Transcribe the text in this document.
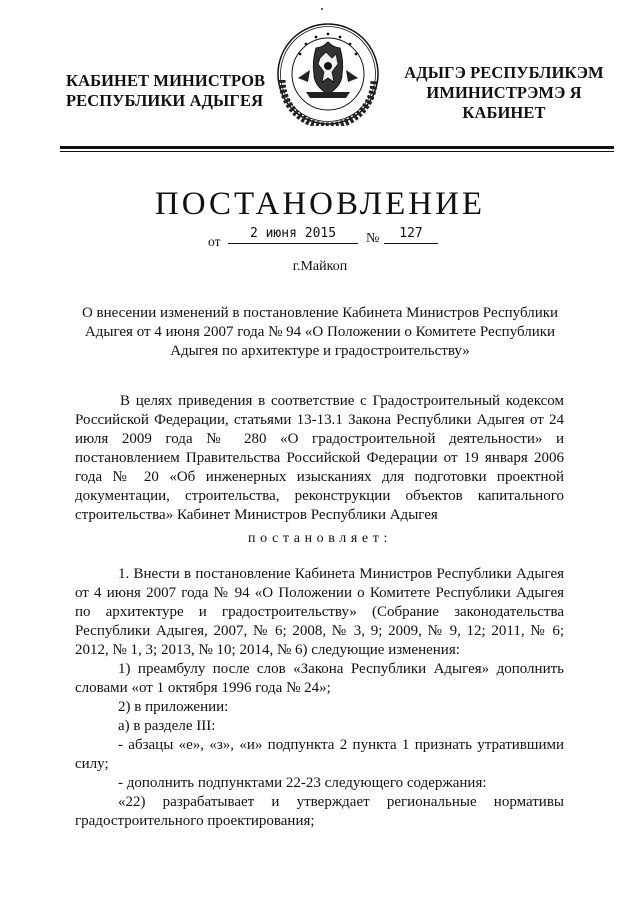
КАБИНЕТ МИНИСТРОВ
РЕСПУБЛИКИ АДЫГЕЯ
АДЫГЭ РЕСПУБЛИКЭМ
ИМИНИСТРЭМЭ Я КАБИНЕТ
ПОСТАНОВЛЕНИЕ
от
2 июня 2015	№	127
г.Майкоп
О внесении изменений в постановление Кабинета Министров Республики Адыгея от 4 июня 2007 года № 94 «О Положении о Комитете Республики Адыгея по архитектуре и градостроительству»
В целях приведения в соответствие с Градостроительный кодексом Российской Федерации, статьями 13-13.1 Закона Республики Адыгея от 24 июля 2009 года № 280 «О градостроительной деятельности» и постановлением Правительства Российской Федерации от 19 января 2006 года № 20 «Об инженерных изысканиях для подготовки проектной документации, строительства, реконструкции объектов капитального строительства» Кабинет Министров Республики Адыгея
постановляет:

1. Внести в постановление Кабинета Министров Республики Адыгея от 4 июня 2007 года № 94 «О Положении о Комитете Республики Адыгея по архитектуре и градостроительству» (Собрание законодательства Республики Адыгея, 2007, № 6; 2008, № 3, 9; 2009, № 9, 12; 2011, № 6; 2012, № 1, 3; 2013, № 10; 2014, № 6) следующие изменения:

1) преамбулу после слов «Закона Республики Адыгея» дополнить словами «от 1 октября 1996 года № 24»;

2) в приложении:

а) в разделе III:

- абзацы «е», «з», «и» подпункта 2 пункта 1 признать утратившими силу;

- дополнить подпунктами 22-23 следующего содержания:

«22) разрабатывает и утверждает региональные нормативы градостроительного проектирования;
